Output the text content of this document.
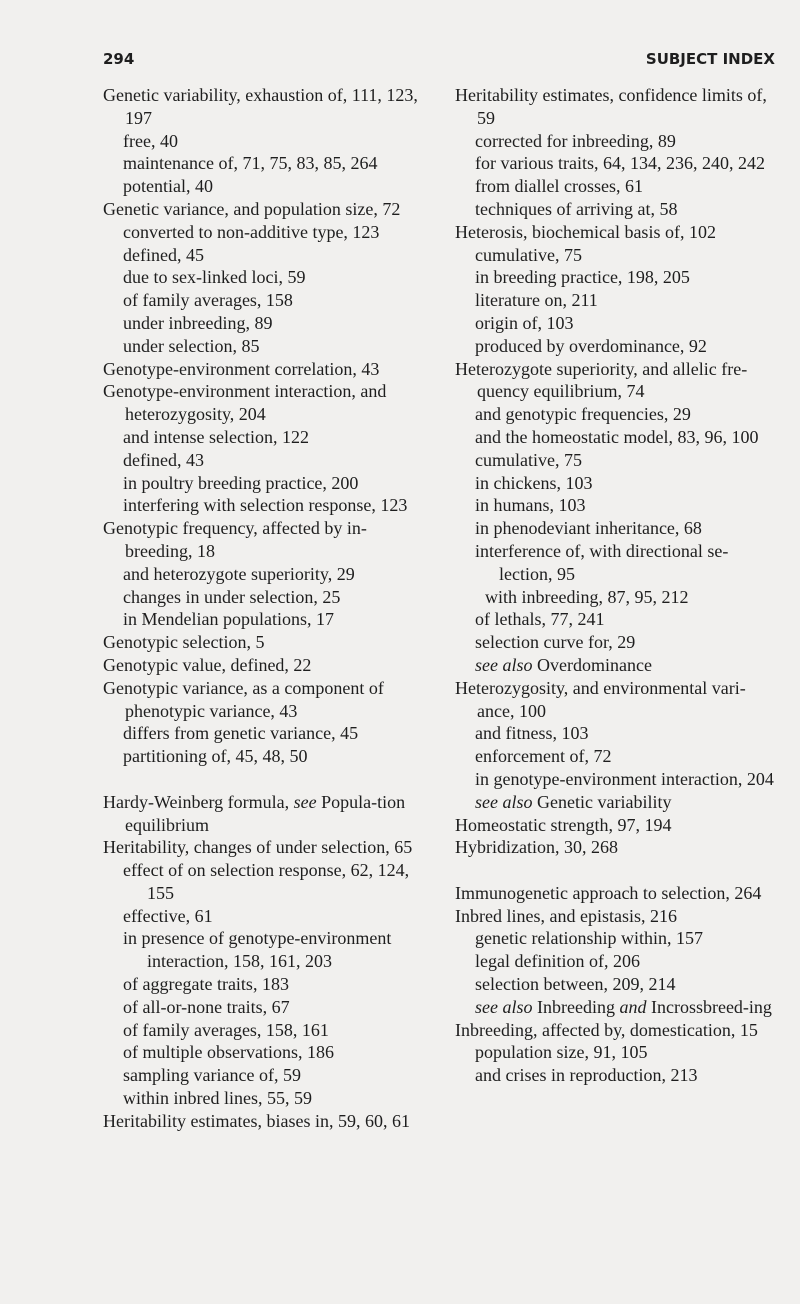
294	SUBJECT INDEX

Genetic variability, exhaustion of, 111, 123, 197

free, 40

maintenance of, 71, 75, 83, 85, 264

potential, 40

Genetic variance, and population size, 72

converted to non-additive type, 123

defined, 45

due to sex-linked loci, 59

of family averages, 158

under inbreeding, 89

under selection, 85

Genotype-environment correlation, 43

Genotype-environment interaction, and heterozygosity, 204

and intense selection, 122

defined, 43

in poultry breeding practice, 200

interfering with selection response, 123

Genotypic frequency, affected by in-breeding, 18

and heterozygote superiority, 29

changes in under selection, 25

in Mendelian populations, 17

Genotypic selection, 5

Genotypic value, defined, 22

Genotypic variance, as a component of phenotypic variance, 43

differs from genetic variance, 45

partitioning of, 45, 48, 50

Hardy-Weinberg formula, see Popula-tion equilibrium

Heritability, changes of under selection, 65

effect of on selection response, 62, 124, 155

effective, 61

in presence of genotype-environment interaction, 158, 161, 203

of aggregate traits, 183

of all-or-none traits, 67

of family averages, 158, 161

of multiple observations, 186

sampling variance of, 59

within inbred lines, 55, 59

Heritability estimates, biases in, 59, 60, 61

Heritability estimates, confidence limits of, 59

corrected for inbreeding, 89

for various traits, 64, 134, 236, 240, 242

from diallel crosses, 61

techniques of arriving at, 58

Heterosis, biochemical basis of, 102

cumulative, 75

in breeding practice, 198, 205

literature on, 211

origin of, 103

produced by overdominance, 92

Heterozygote superiority, and allelic fre-quency equilibrium, 74

and genotypic frequencies, 29

and the homeostatic model, 83, 96, 100

cumulative, 75

in chickens, 103

in humans, 103

in phenodeviant inheritance, 68

interference of, with directional se-lection, 95

with inbreeding, 87, 95, 212

of lethals, 77, 241

selection curve for, 29

see also Overdominance

Heterozygosity, and environmental vari-ance, 100

and fitness, 103

enforcement of, 72

in genotype-environment interaction, 204

see also Genetic variability

Homeostatic strength, 97, 194

Hybridization, 30, 268

Immunogenetic approach to selection, 264

Inbred lines, and epistasis, 216

genetic relationship within, 157

legal definition of, 206

selection between, 209, 214

see also Inbreeding and Incrossbreed-ing

Inbreeding, affected by, domestication, 15

population size, 91, 105

and crises in reproduction, 213
